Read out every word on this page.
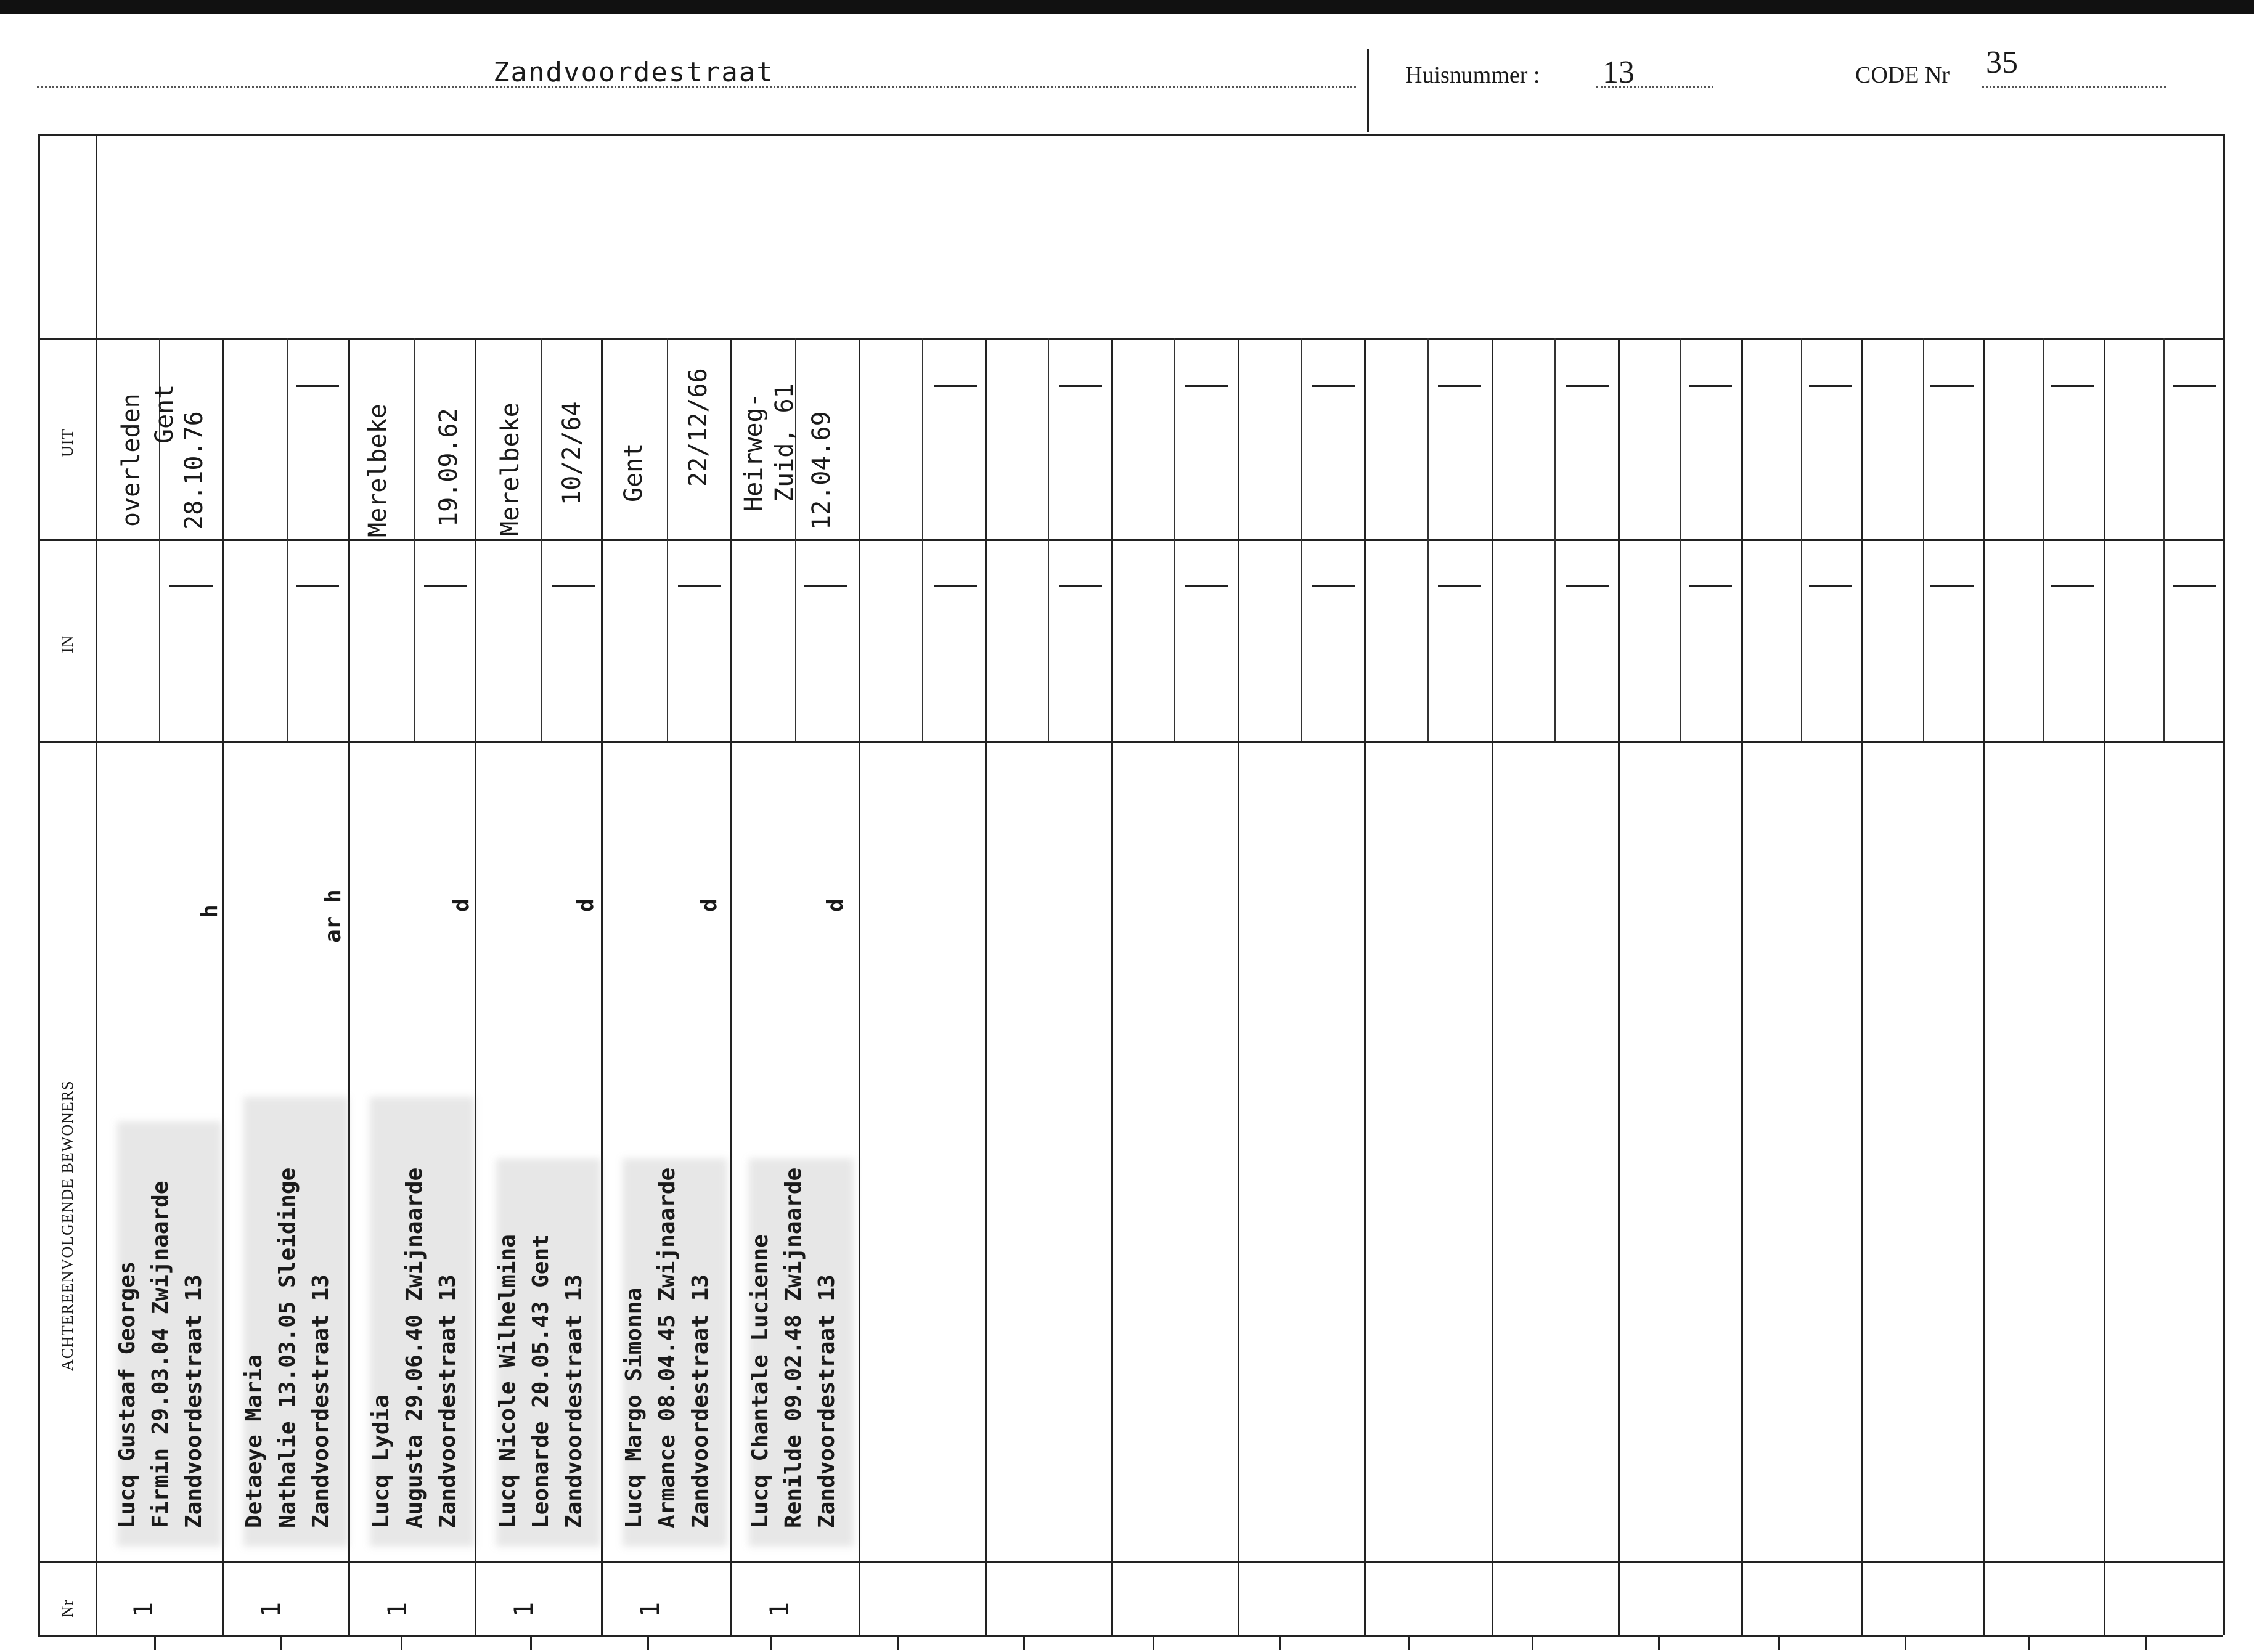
Zandvoordestraat	Huisnummer : 13	CODE Nr 35
UIT
IN
ACHTEREENVOLGENDE BEWONERS
Nr
overleden Gent 28.10.76
Lucq Gustaaf Georges Firmin 29.03.04 Zwijnaarde Zandvoordestraat 13
h
1
Detaeye Maria Nathalie 13.03.05 Sleidinge Zandvoordestraat 13
ar h
1
Merelbeke 19.09.62
Lucq Lydia Augusta 29.06.40 Zwijnaarde Zandvoordestraat 13
d
1
Merelbeke 10/2/64
Lucq Nicole Wilhelmina Leonarde 20.05.43 Gent Zandvoordestraat 13
d
1
Gent 22/12/66
Lucq Margo Simonna Armance 08.04.45 Zwijnaarde Zandvoordestraat 13
d
1
Heirweg- Zuid, 61 12.04.69
Lucq Chantale Lucienne Renilde 09.02.48 Zwijnaarde Zandvoordestraat 13
d
1
